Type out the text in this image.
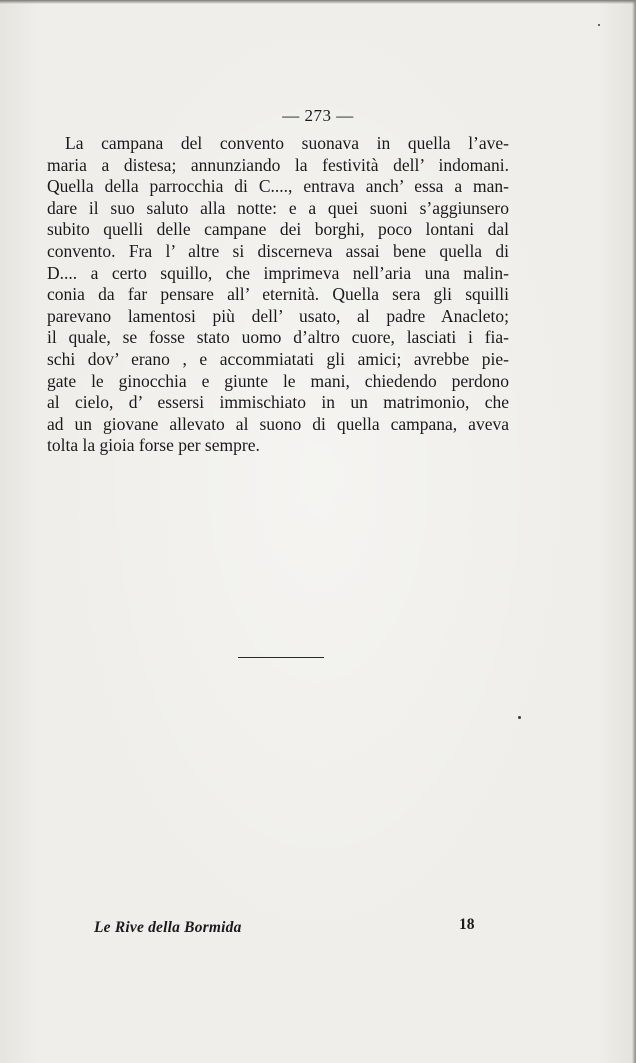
— 273 —
La campana del convento suonava in quella l’ave-
maria a distesa; annunziando la festività dell’ indomani.
Quella della parrocchia di C...., entrava anch’ essa a man-
dare il suo saluto alla notte: e a quei suoni s’aggiunsero
subito quelli delle campane dei borghi, poco lontani dal
convento. Fra l’ altre si discerneva assai bene quella di
D.... a certo squillo, che imprimeva nell’aria una malin-
conia da far pensare all’ eternità. Quella sera gli squilli
parevano lamentosi più dell’ usato, al padre Anacleto;
il quale, se fosse stato uomo d’altro cuore, lasciati i fia-
schi dov’ erano , e accommiatati gli amici; avrebbe pie-
gate le ginocchia e giunte le mani, chiedendo perdono
al cielo, d’ essersi immischiato in un matrimonio, che
ad un giovane allevato al suono di quella campana, aveva
tolta la gioia forse per sempre.
Le Rive della Bormida	18
